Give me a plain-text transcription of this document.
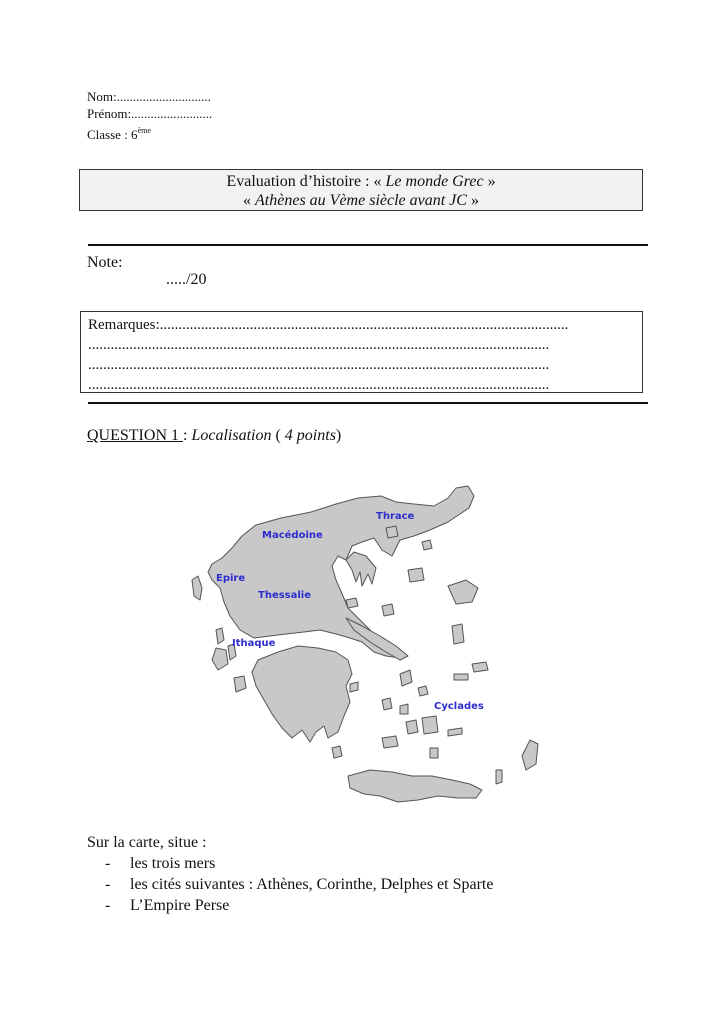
Nom:.............................
Prénom:.........................
Classe : 6ème
Evaluation d’histoire : « Le monde Grec »
« Athènes au Vème siècle avant JC »
Note:
...../20
Remarques:.............................................................................................................
...........................................................................................................................
...........................................................................................................................
...........................................................................................................................
QUESTION 1 : Localisation ( 4 points)
Thrace
Macédoine
Epire
Thessalie
Ithaque
Cyclades
Sur la carte, situe :
- les trois mers
- les cités suivantes : Athènes, Corinthe, Delphes et Sparte
- L’Empire Perse
